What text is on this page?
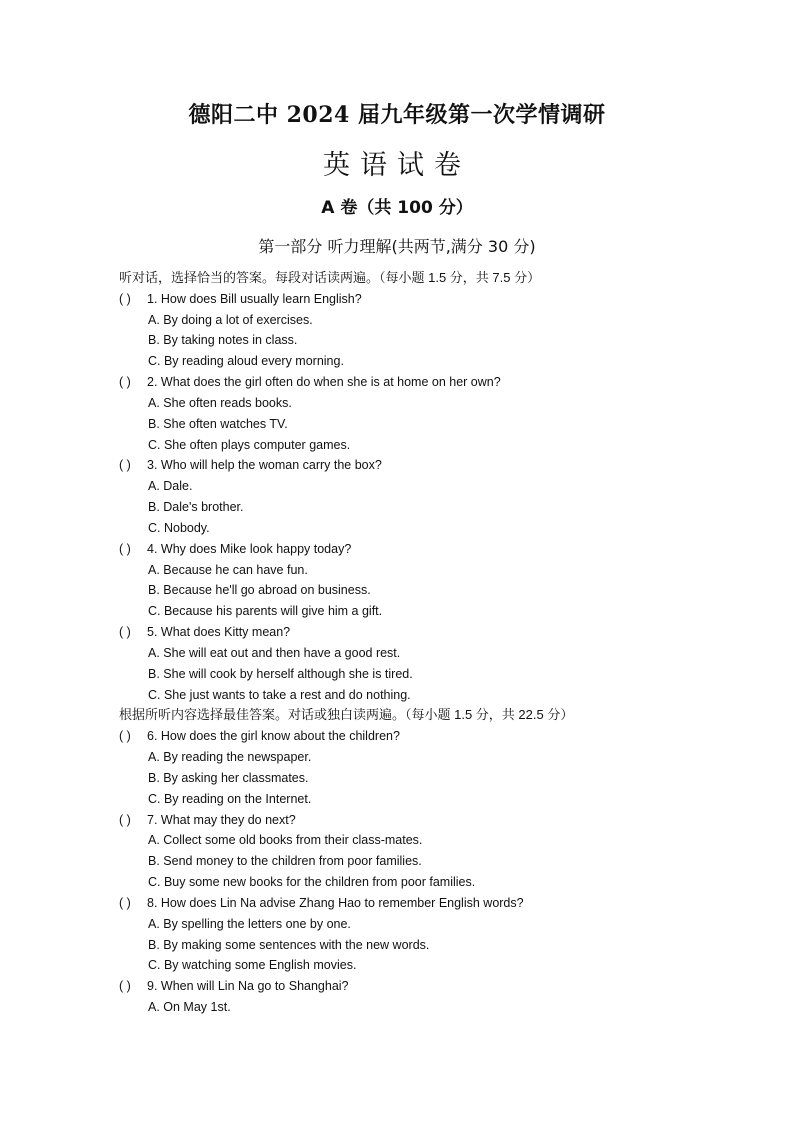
德阳二中 2024 届九年级第一次学情调研
英语试卷
A 卷（共 100 分）
第一部分 听力理解(共两节,满分 30 分)
听对话，选择恰当的答案。每段对话读两遍。（每小题 1.5 分，共 7.5 分）
( )	1. How does Bill usually learn English?
A. By doing a lot of exercises.
B. By taking notes in class.
C. By reading aloud every morning.
( )	2. What does the girl often do when she is at home on her own?
A. She often reads books.
B. She often watches TV.
C. She often plays computer games.
( )	3. Who will help the woman carry the box?
A. Dale.
B. Dale's brother.
C. Nobody.
( )	4. Why does Mike look happy today?
A. Because he can have fun.
B. Because he'll go abroad on business.
C. Because his parents will give him a gift.
( )	5. What does Kitty mean?
A. She will eat out and then have a good rest.
B. She will cook by herself although she is tired.
C. She just wants to take a rest and do nothing.
根据所听内容选择最佳答案。对话或独白读两遍。（每小题 1.5 分，共 22.5 分）
( )	6. How does the girl know about the children?
A. By reading the newspaper.
B. By asking her classmates.
C. By reading on the Internet.
( )	7. What may they do next?
A. Collect some old books from their class-mates.
B. Send money to the children from poor families.
C. Buy some new books for the children from poor families.
( )	8. How does Lin Na advise Zhang Hao to remember English words?
A. By spelling the letters one by one.
B. By making some sentences with the new words.
C. By watching some English movies.
( )	9. When will Lin Na go to Shanghai?
A. On May 1st.
